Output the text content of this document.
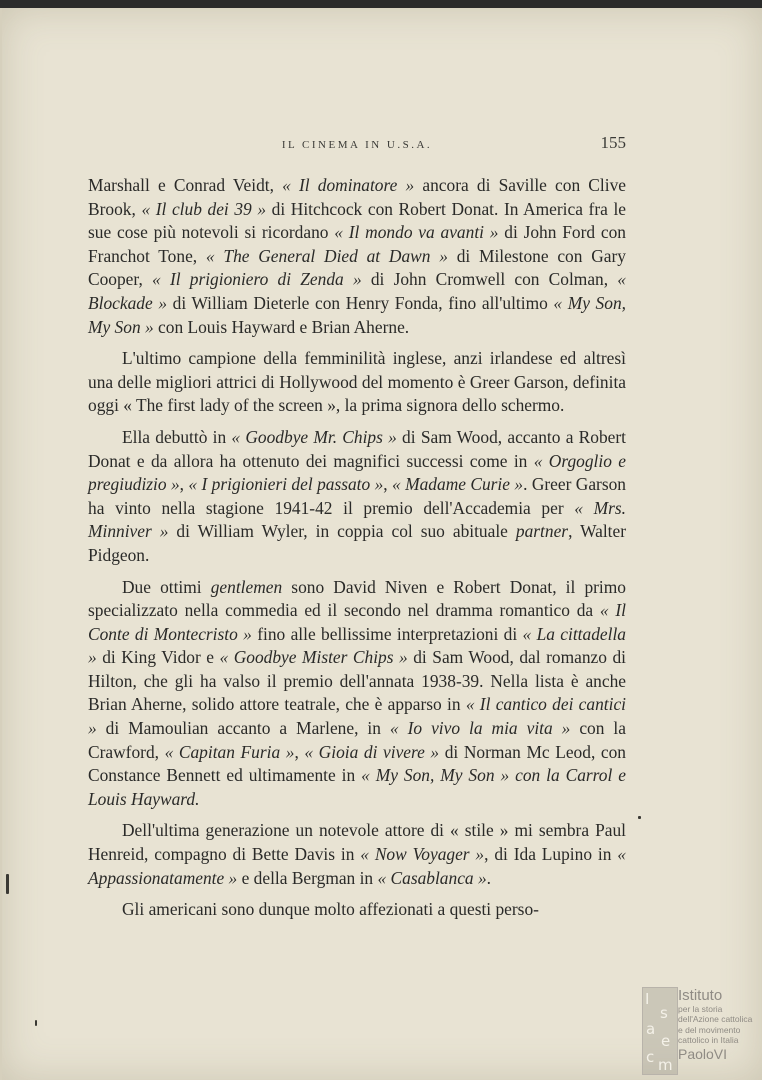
IL CINEMA IN U.S.A.	155

Marshall e Conrad Veidt, « Il dominatore » ancora di Saville con Clive Brook, « Il club dei 39 » di Hitchcock con Robert Donat. In America fra le sue cose più notevoli si ricordano « Il mondo va avanti » di John Ford con Franchot Tone, « The General Died at Dawn » di Milestone con Gary Cooper, « Il prigioniero di Zenda » di John Cromwell con Colman, « Blockade » di William Dieterle con Henry Fonda, fino all'ultimo « My Son, My Son » con Louis Hayward e Brian Aherne.

L'ultimo campione della femminilità inglese, anzi irlandese ed altresì una delle migliori attrici di Hollywood del momento è Greer Garson, definita oggi « The first lady of the screen », la prima signora dello schermo.

Ella debuttò in « Goodbye Mr. Chips » di Sam Wood, accanto a Robert Donat e da allora ha ottenuto dei magnifici successi come in « Orgoglio e pregiudizio », « I prigionieri del passato », « Madame Curie ». Greer Garson ha vinto nella stagione 1941-42 il premio dell'Accademia per « Mrs. Minniver » di William Wyler, in coppia col suo abituale partner, Walter Pidgeon.

Due ottimi gentlemen sono David Niven e Robert Donat, il primo specializzato nella commedia ed il secondo nel dramma romantico da « Il Conte di Montecristo » fino alle bellissime interpretazioni di « La cittadella » di King Vidor e « Goodbye Mister Chips » di Sam Wood, dal romanzo di Hilton, che gli ha valso il premio dell'annata 1938-39. Nella lista è anche Brian Aherne, solido attore teatrale, che è apparso in « Il cantico dei cantici » di Mamoulian accanto a Marlene, in « Io vivo la mia vita » con la Crawford, « Capitan Furia », « Gioia di vivere » di Norman Mc Leod, con Constance Bennett ed ultimamente in « My Son, My Son » con la Carrol e Louis Hayward.

Dell'ultima generazione un notevole attore di « stile » mi sembra Paul Henreid, compagno di Bette Davis in « Now Voyager », di Ida Lupino in « Appassionatamente » e della Bergman in « Casablanca ».

Gli americani sono dunque molto affezionati a questi perso-

I
s
a
e
c m
Istituto
per la storia
dell'Azione cattolica
e del movimento
cattolico in Italia
PaoloVI
